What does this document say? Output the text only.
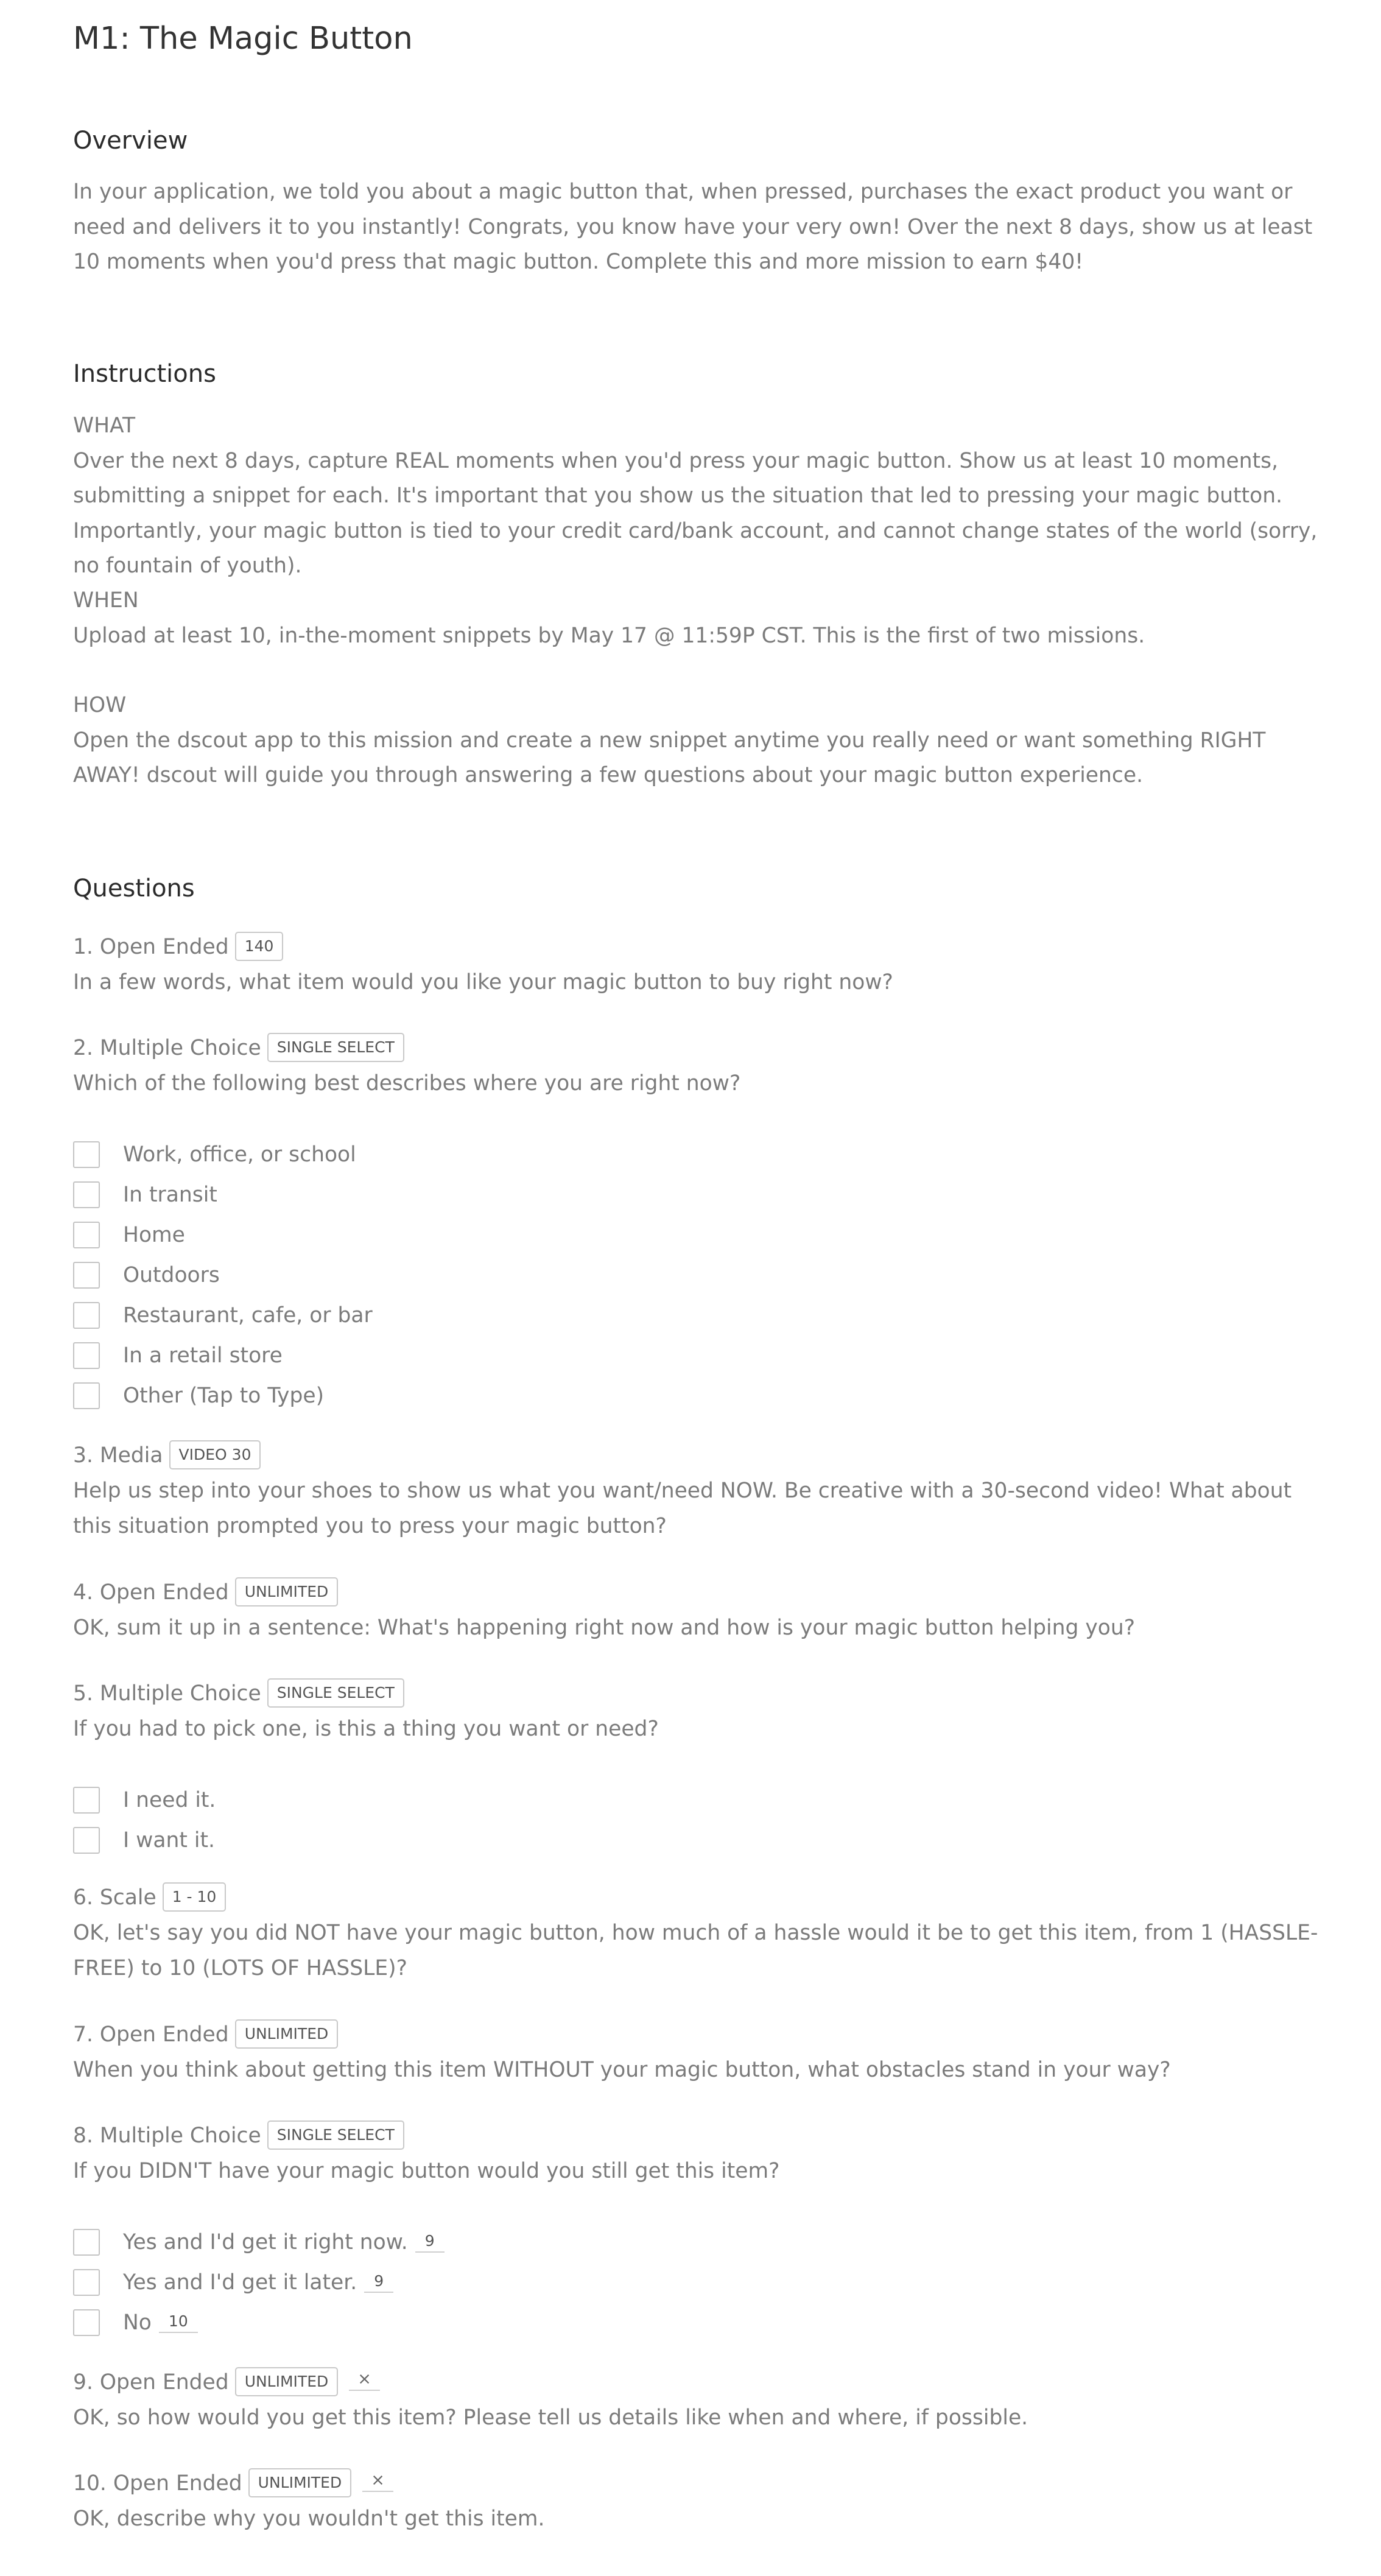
M1: The Magic Button
Overview
In your application, we told you about a magic button that, when pressed, purchases the exact product you want or need and delivers it to you instantly! Congrats, you know have your very own! Over the next 8 days, show us at least 10 moments when you'd press that magic button. Complete this and more mission to earn $40!
Instructions
WHAT
Over the next 8 days, capture REAL moments when you'd press your magic button. Show us at least 10 moments, submitting a snippet for each. It's important that you show us the situation that led to pressing your magic button. Importantly, your magic button is tied to your credit card/bank account, and cannot change states of the world (sorry, no fountain of youth).
WHEN
Upload at least 10, in-the-moment snippets by May 17 @ 11:59P CST. This is the first of two missions.
HOW
Open the dscout app to this mission and create a new snippet anytime you really need or want something RIGHT AWAY! dscout will guide you through answering a few questions about your magic button experience.
Questions
1. Open Ended 140
In a few words, what item would you like your magic button to buy right now?
2. Multiple Choice SINGLE SELECT
Which of the following best describes where you are right now?
Work, office, or school
In transit
Home
Outdoors
Restaurant, cafe, or bar
In a retail store
Other (Tap to Type)
3. Media VIDEO 30
Help us step into your shoes to show us what you want/need NOW. Be creative with a 30-second video! What about this situation prompted you to press your magic button?
4. Open Ended UNLIMITED
OK, sum it up in a sentence: What's happening right now and how is your magic button helping you?
5. Multiple Choice SINGLE SELECT
If you had to pick one, is this a thing you want or need?
I need it.
I want it.
6. Scale 1 - 10
OK, let's say you did NOT have your magic button, how much of a hassle would it be to get this item, from 1 (HASSLE-FREE) to 10 (LOTS OF HASSLE)?
7. Open Ended UNLIMITED
When you think about getting this item WITHOUT your magic button, what obstacles stand in your way?
8. Multiple Choice SINGLE SELECT
If you DIDN'T have your magic button would you still get this item?
Yes and I'd get it right now.	9
Yes and I'd get it later.	9
No	10
9. Open Ended UNLIMITED ×
OK, so how would you get this item? Please tell us details like when and where, if possible.
10. Open Ended UNLIMITED ×
OK, describe why you wouldn't get this item.
